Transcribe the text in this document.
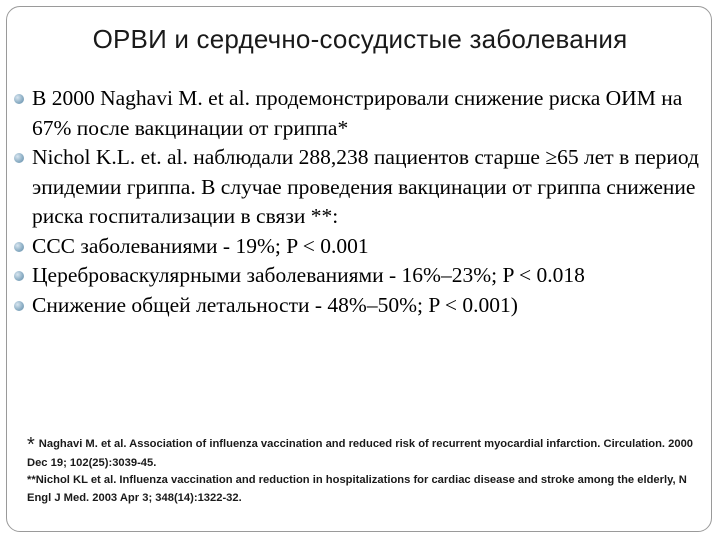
ОРВИ и сердечно-сосудистые заболевания
В 2000 Naghavi M. et al. продемонстрировали снижение риска ОИМ на 67% после вакцинации от гриппа*
Nichol K.L. et. al. наблюдали 288,238 пациентов старше ≥65 лет в период эпидемии гриппа. В случае проведения вакцинации от гриппа снижение риска госпитализации в связи **:
ССС заболеваниями - 19%; P < 0.001
Цереброваскулярными заболеваниями - 16%–23%; P < 0.018
Снижение общей летальности - 48%–50%; P < 0.001)
* Naghavi M. et al. Association of influenza vaccination and reduced risk of recurrent myocardial infarction. Circulation. 2000 Dec 19; 102(25):3039-45.
**Nichol KL et al. Influenza vaccination and reduction in hospitalizations for cardiac disease and stroke among the elderly, N Engl J Med. 2003 Apr 3; 348(14):1322-32.
